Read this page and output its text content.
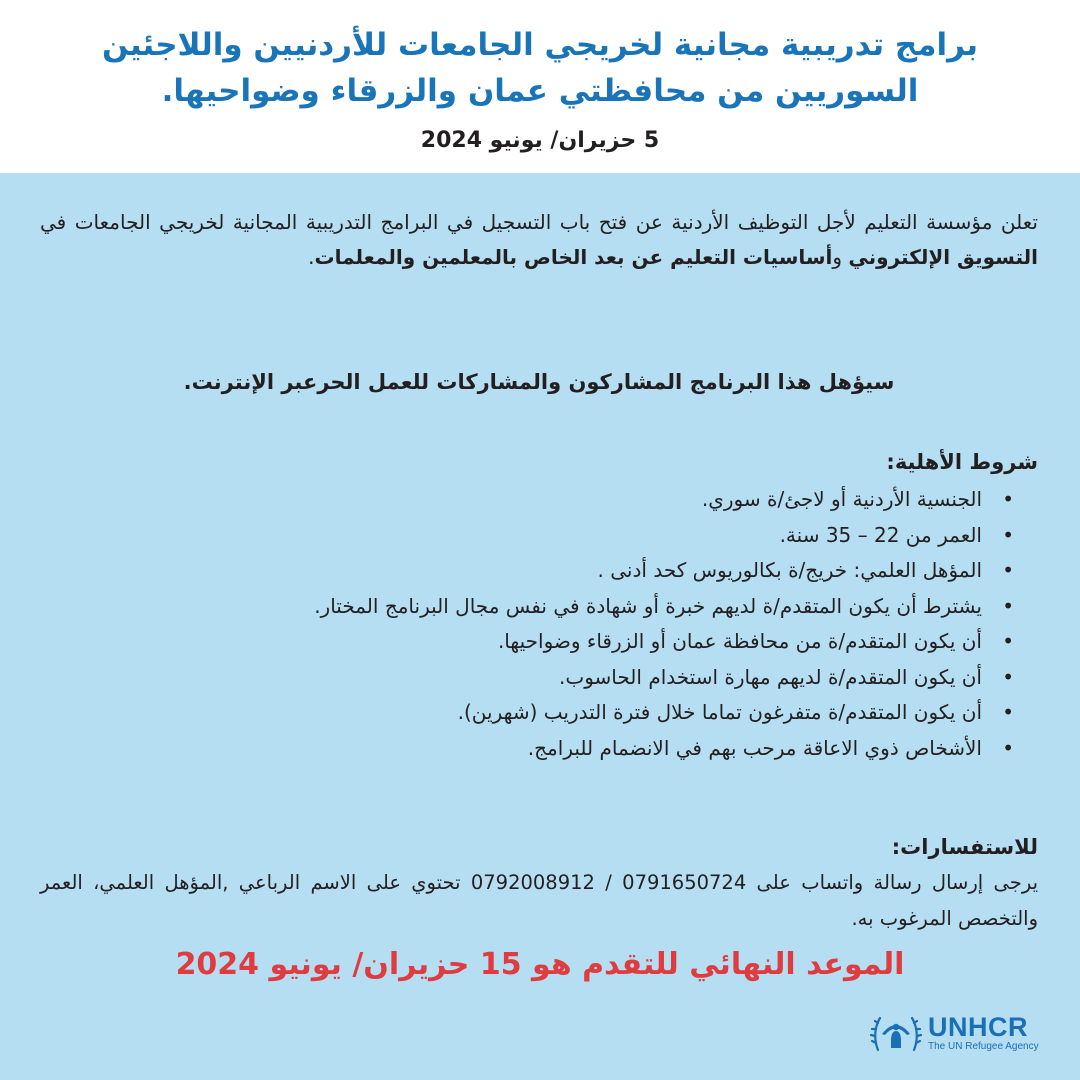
برامج تدريبية مجانية لخريجي الجامعات للأردنيين واللاجئين السوريين من محافظتي عمان والزرقاء وضواحيها.
5 حزيران/ يونيو 2024

تعلن مؤسسة التعليم لأجل التوظيف الأردنية عن فتح باب التسجيل في البرامج التدريبية المجانية لخريجي الجامعات في التسويق الإلكتروني وأساسيات التعليم عن بعد الخاص بالمعلمين والمعلمات.

سيؤهل هذا البرنامج المشاركون والمشاركات للعمل الحرعبر الإنترنت.

شروط الأهلية:
• الجنسية الأردنية أو لاجئ/ة سوري.
• العمر من 22 – 35 سنة.
• المؤهل العلمي: خريج/ة بكالوريوس كحد أدنى .
• يشترط أن يكون المتقدم/ة لديهم خبرة أو شهادة في نفس مجال البرنامج المختار.
• أن يكون المتقدم/ة من محافظة عمان أو الزرقاء وضواحيها.
• أن يكون المتقدم/ة لديهم مهارة استخدام الحاسوب.
• أن يكون المتقدم/ة متفرغون تماما خلال فترة التدريب (شهرين).
• الأشخاص ذوي الاعاقة مرحب بهم في الانضمام للبرامج.
للاستفسارات:

يرجى إرسال رسالة واتساب على 0791650724 / 0792008912 تحتوي على الاسم الرباعي ,المؤهل العلمي، العمر والتخصص المرغوب به.

الموعد النهائي للتقدم هو 15 حزيران/ يونيو 2024
UNHCR
The UN Refugee Agency
